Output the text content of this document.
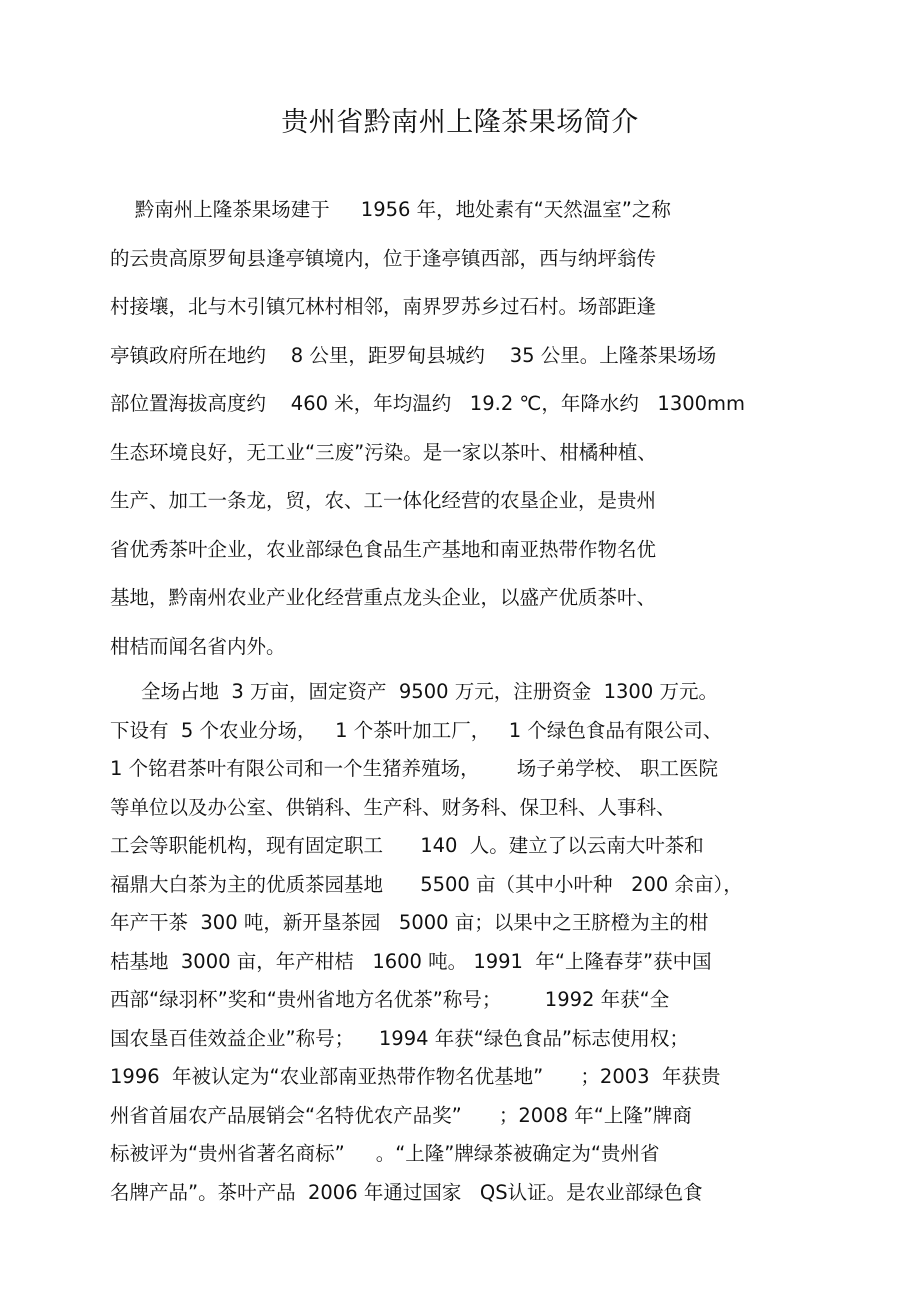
贵州省黔南州上隆茶果场简介
黔南州上隆茶果场建于     1956 年，地处素有“天然温室”之称
的云贵高原罗甸县逢亭镇境内，位于逢亭镇西部，西与纳坪翁传
村接壤，北与木引镇冗林村相邻，南界罗苏乡过石村。场部距逢
亭镇政府所在地约    8 公里，距罗甸县城约    35 公里。上隆茶果场场
部位置海拔高度约    460 米，年均温约   19.2 ℃，年降水约   1300mm
生态环境良好，无工业“三废”污染。是一家以茶叶、柑橘种植、
生产、加工一条龙，贸，农、工一体化经营的农垦企业，是贵州
省优秀茶叶企业，农业部绿色食品生产基地和南亚热带作物名优
基地，黔南州农业产业化经营重点龙头企业，以盛产优质茶叶、
柑桔而闻名省内外。
全场占地  3 万亩，固定资产  9500 万元，注册资金  1300 万元。
下设有  5 个农业分场，   1 个茶叶加工厂，   1 个绿色食品有限公司、
1 个铭君茶叶有限公司和一个生猪养殖场，      场子弟学校、 职工医院
等单位以及办公室、供销科、生产科、财务科、保卫科、人事科、
工会等职能机构，现有固定职工      140  人。建立了以云南大叶茶和
福鼎大白茶为主的优质茶园基地      5500 亩（其中小叶种   200 余亩），
年产干茶  300 吨，新开垦茶园   5000 亩；以果中之王脐橙为主的柑
桔基地  3000 亩，年产柑桔   1600 吨。 1991  年“上隆春芽”获中国
西部“绿羽杯”奖和“贵州省地方名优茶”称号；       1992 年获“全
国农垦百佳效益企业”称号；    1994 年获“绿色食品”标志使用权；
1996  年被认定为“农业部南亚热带作物名优基地”      ；2003  年获贵
州省首届农产品展销会“名特优农产品奖”      ；2008 年“上隆”牌商
标被评为“贵州省著名商标”     。“上隆”牌绿茶被确定为“贵州省
名牌产品”。茶叶产品  2006 年通过国家   QS认证。是农业部绿色食
